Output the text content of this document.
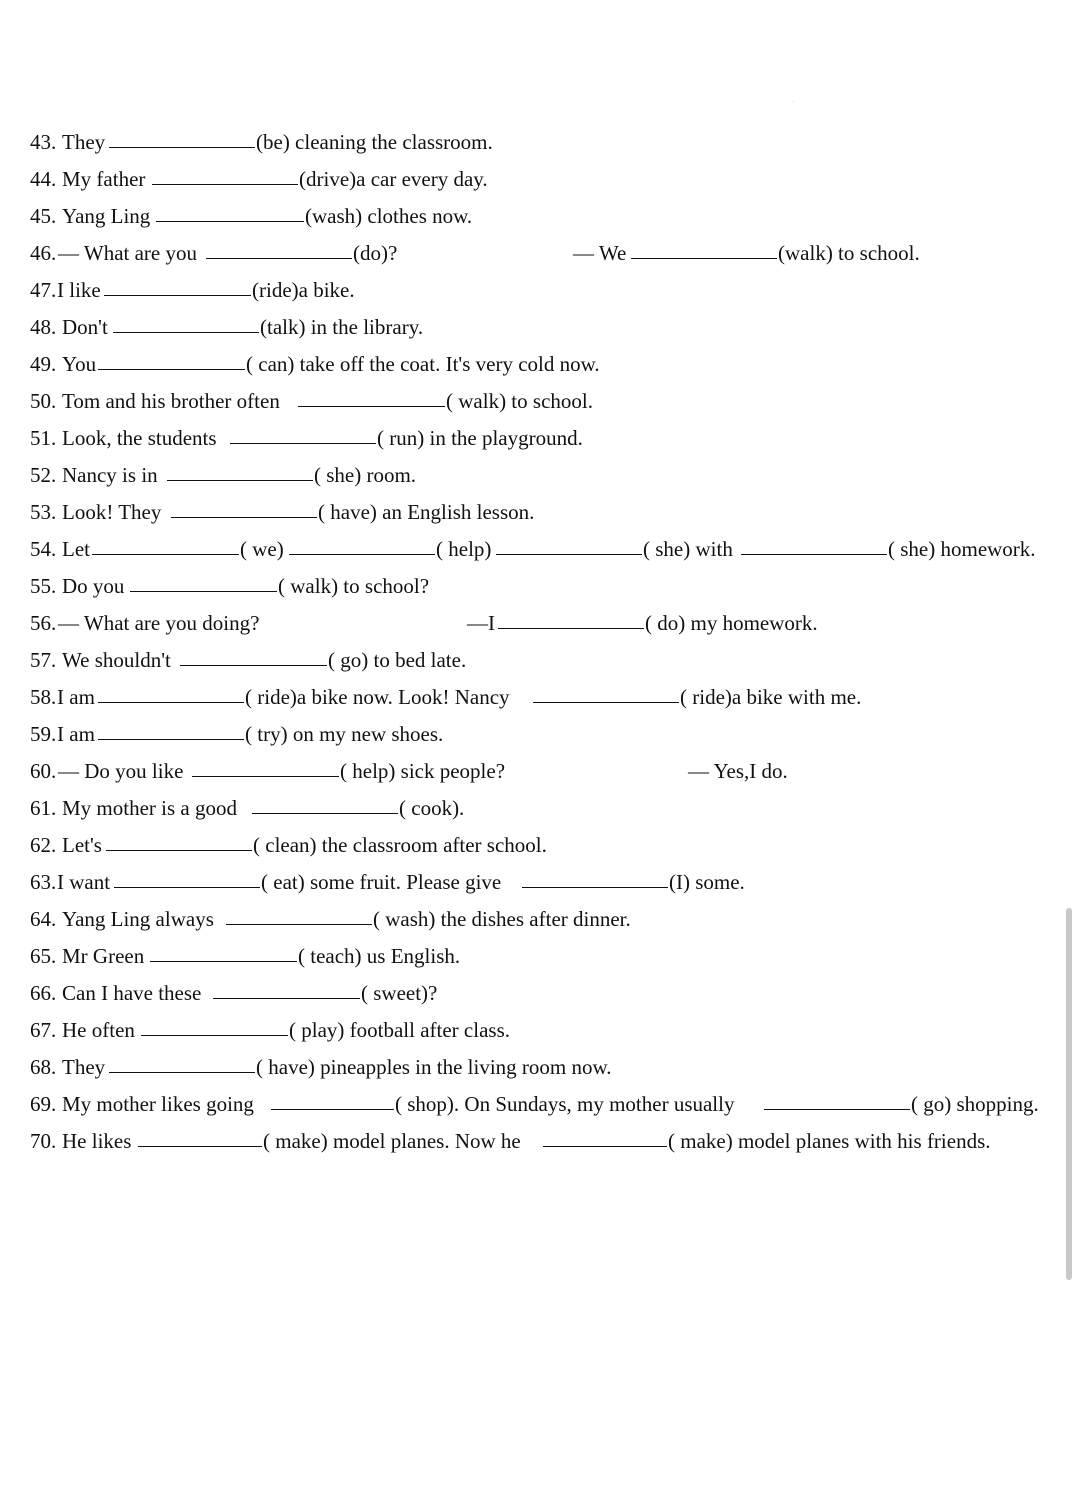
43. They	(be) cleaning the classroom.
44. My father	(drive)a car every day.
45. Yang Ling	(wash) clothes now.
46. — What are you	(do)?	— We	(walk) to school.
47. I like	(ride)a bike.
48. Don't	(talk) in the library.
49. You	( can) take off the coat. It's very cold now.
50. Tom and his brother often	( walk) to school.
51. Look, the students	( run) in the playground.
52. Nancy is in	( she) room.
53. Look! They	( have) an English lesson.
54. Let	( we)	( help)	( she) with	( she) homework.
55. Do you	( walk) to school?
56. — What are you doing?	—I	( do) my homework.
57. We shouldn't	( go) to bed late.
58. I am	( ride)a bike now. Look! Nancy	( ride)a bike with me.
59. I am	( try) on my new shoes.
60. — Do you like	( help) sick people?	— Yes,I do.
61. My mother is a good	( cook).
62. Let's	( clean) the classroom after school.
63. I want	( eat) some fruit. Please give	(I) some.
64. Yang Ling always	( wash) the dishes after dinner.
65. Mr Green	( teach) us English.
66. Can I have these	( sweet)?
67. He often	( play) football after class.
68. They	( have) pineapples in the living room now.
69. My mother likes going	( shop). On Sundays, my mother usually	( go) shopping.
70. He likes	( make) model planes. Now he	( make) model planes with his friends.
